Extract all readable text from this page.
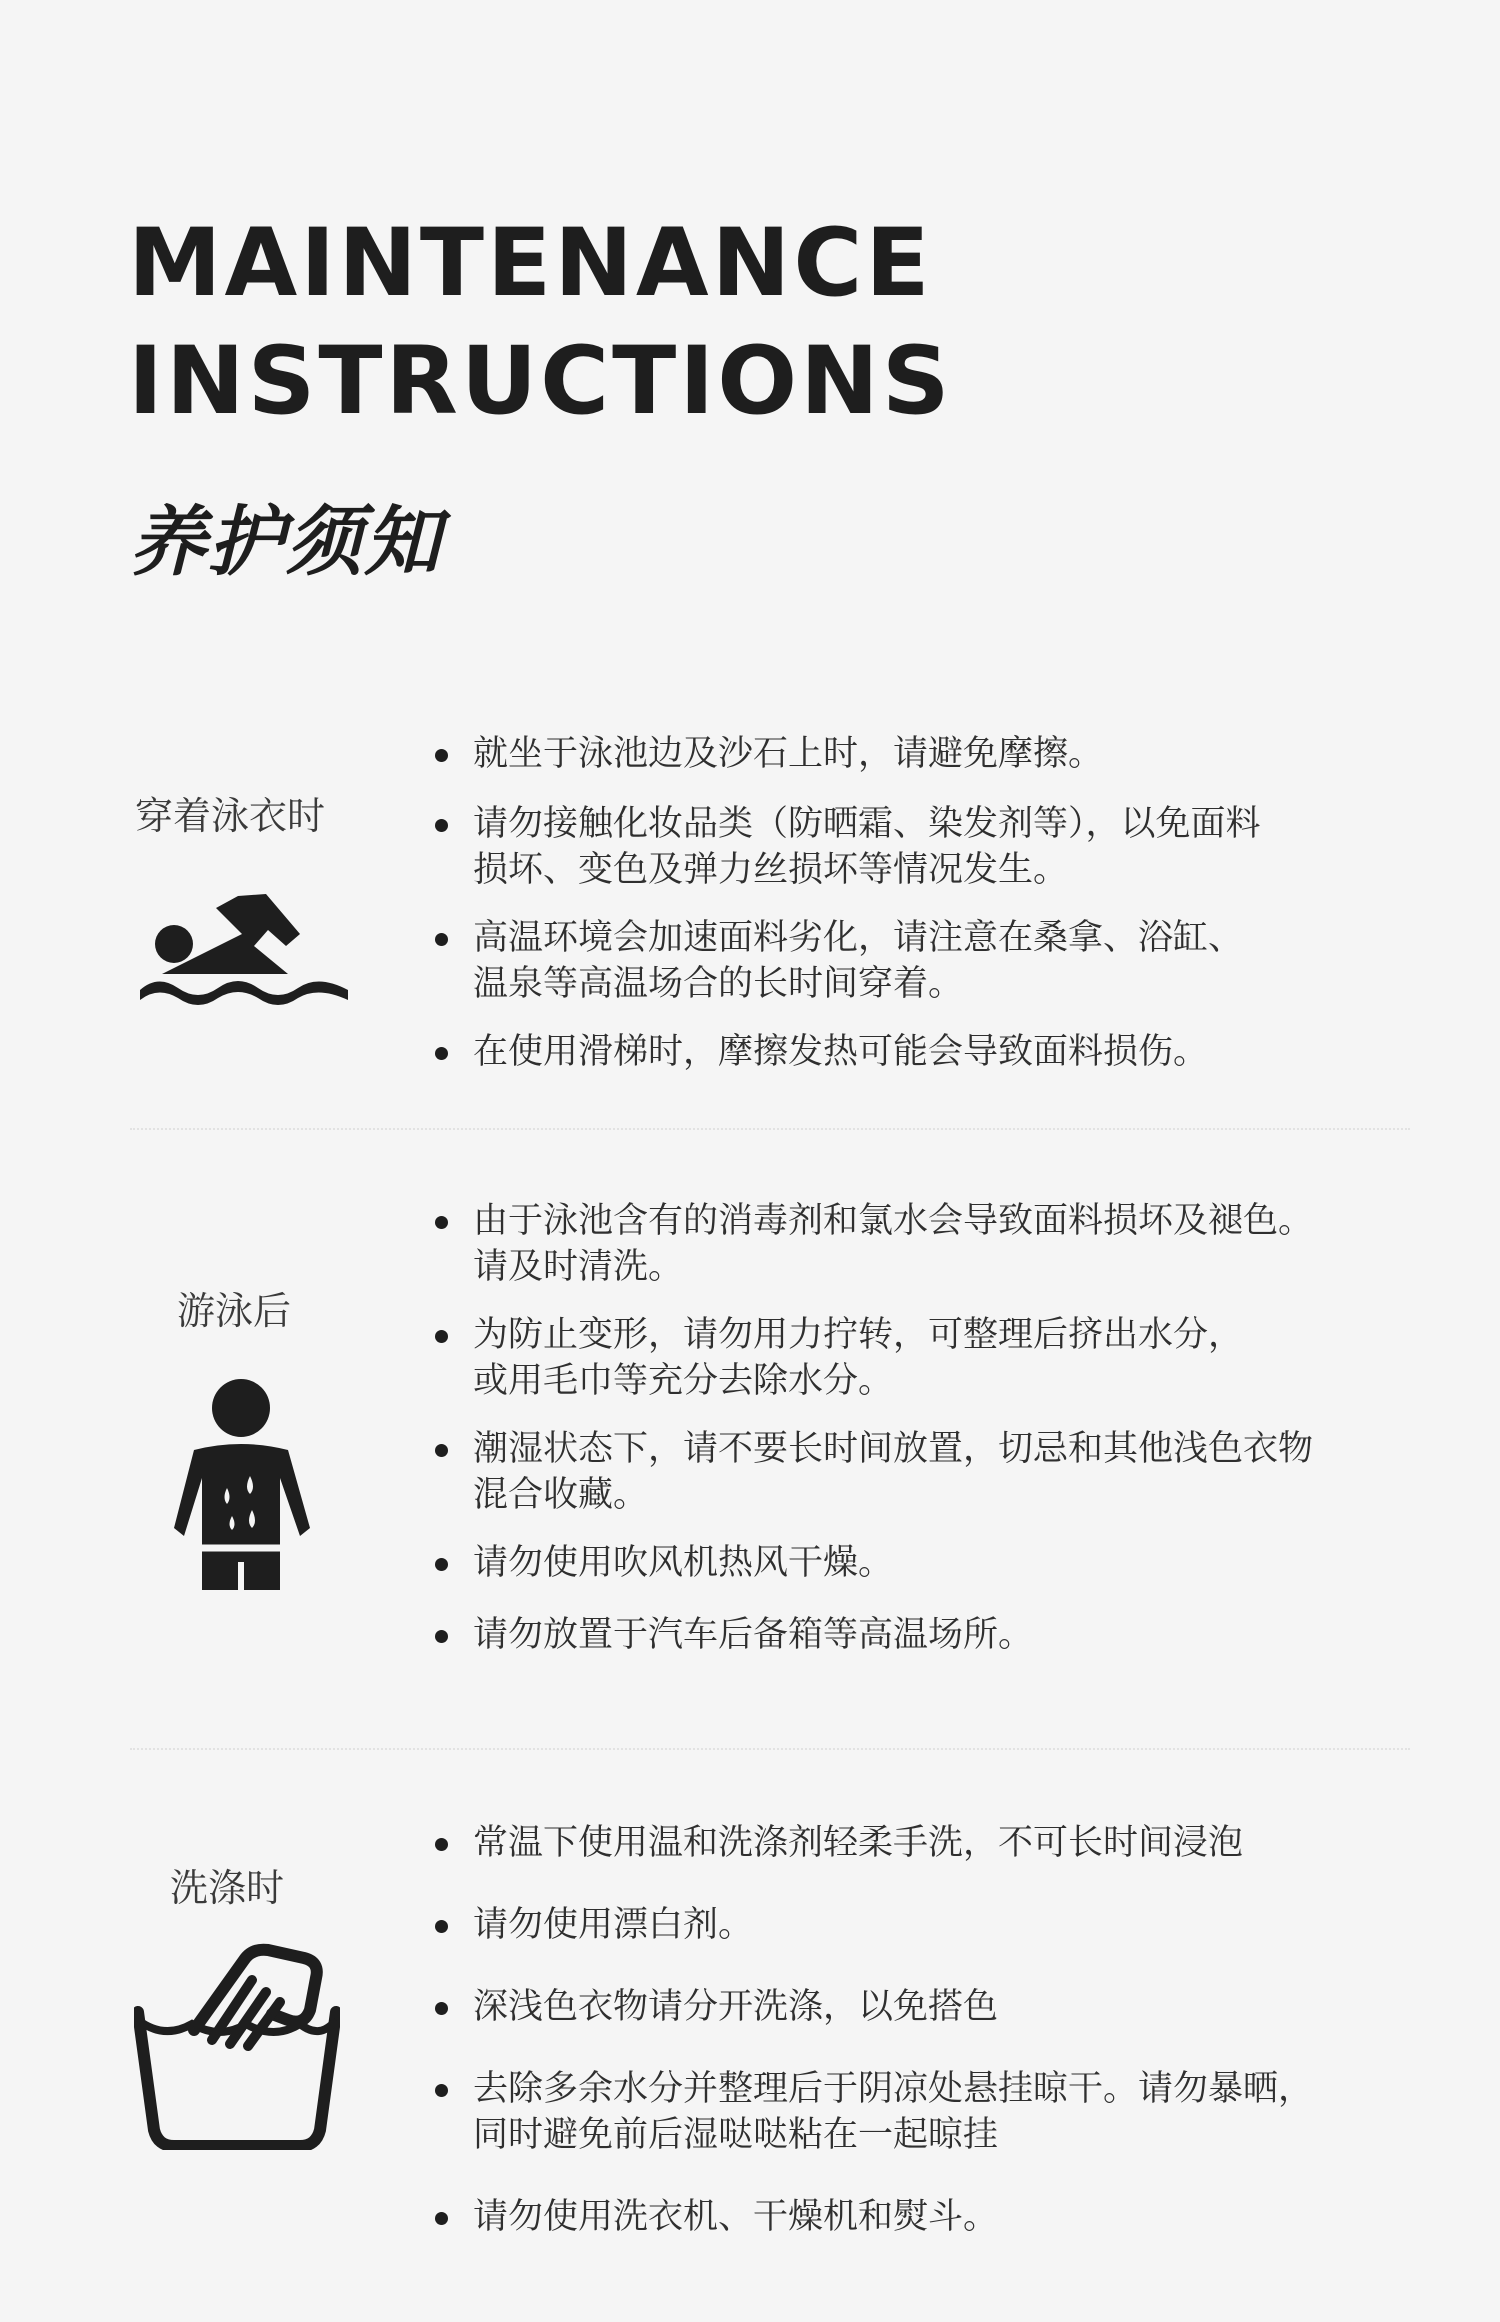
MAINTENANCE
INSTRUCTIONS
养护须知
穿着泳衣时
就坐于泳池边及沙石上时，请避免摩擦。
请勿接触化妆品类（防晒霜、染发剂等），以免面料
损坏、变色及弹力丝损坏等情况发生。
高温环境会加速面料劣化，请注意在桑拿、浴缸、
温泉等高温场合的长时间穿着。
在使用滑梯时，摩擦发热可能会导致面料损伤。
游泳后
由于泳池含有的消毒剂和氯水会导致面料损坏及褪色。
请及时清洗。
为防止变形，请勿用力拧转，可整理后挤出水分，
或用毛巾等充分去除水分。
潮湿状态下，请不要长时间放置，切忌和其他浅色衣物
混合收藏。
请勿使用吹风机热风干燥。
请勿放置于汽车后备箱等高温场所。
洗涤时
常温下使用温和洗涤剂轻柔手洗，不可长时间浸泡
请勿使用漂白剂。
深浅色衣物请分开洗涤，以免搭色
去除多余水分并整理后于阴凉处悬挂晾干。请勿暴晒，
同时避免前后湿哒哒粘在一起晾挂
请勿使用洗衣机、干燥机和熨斗。
